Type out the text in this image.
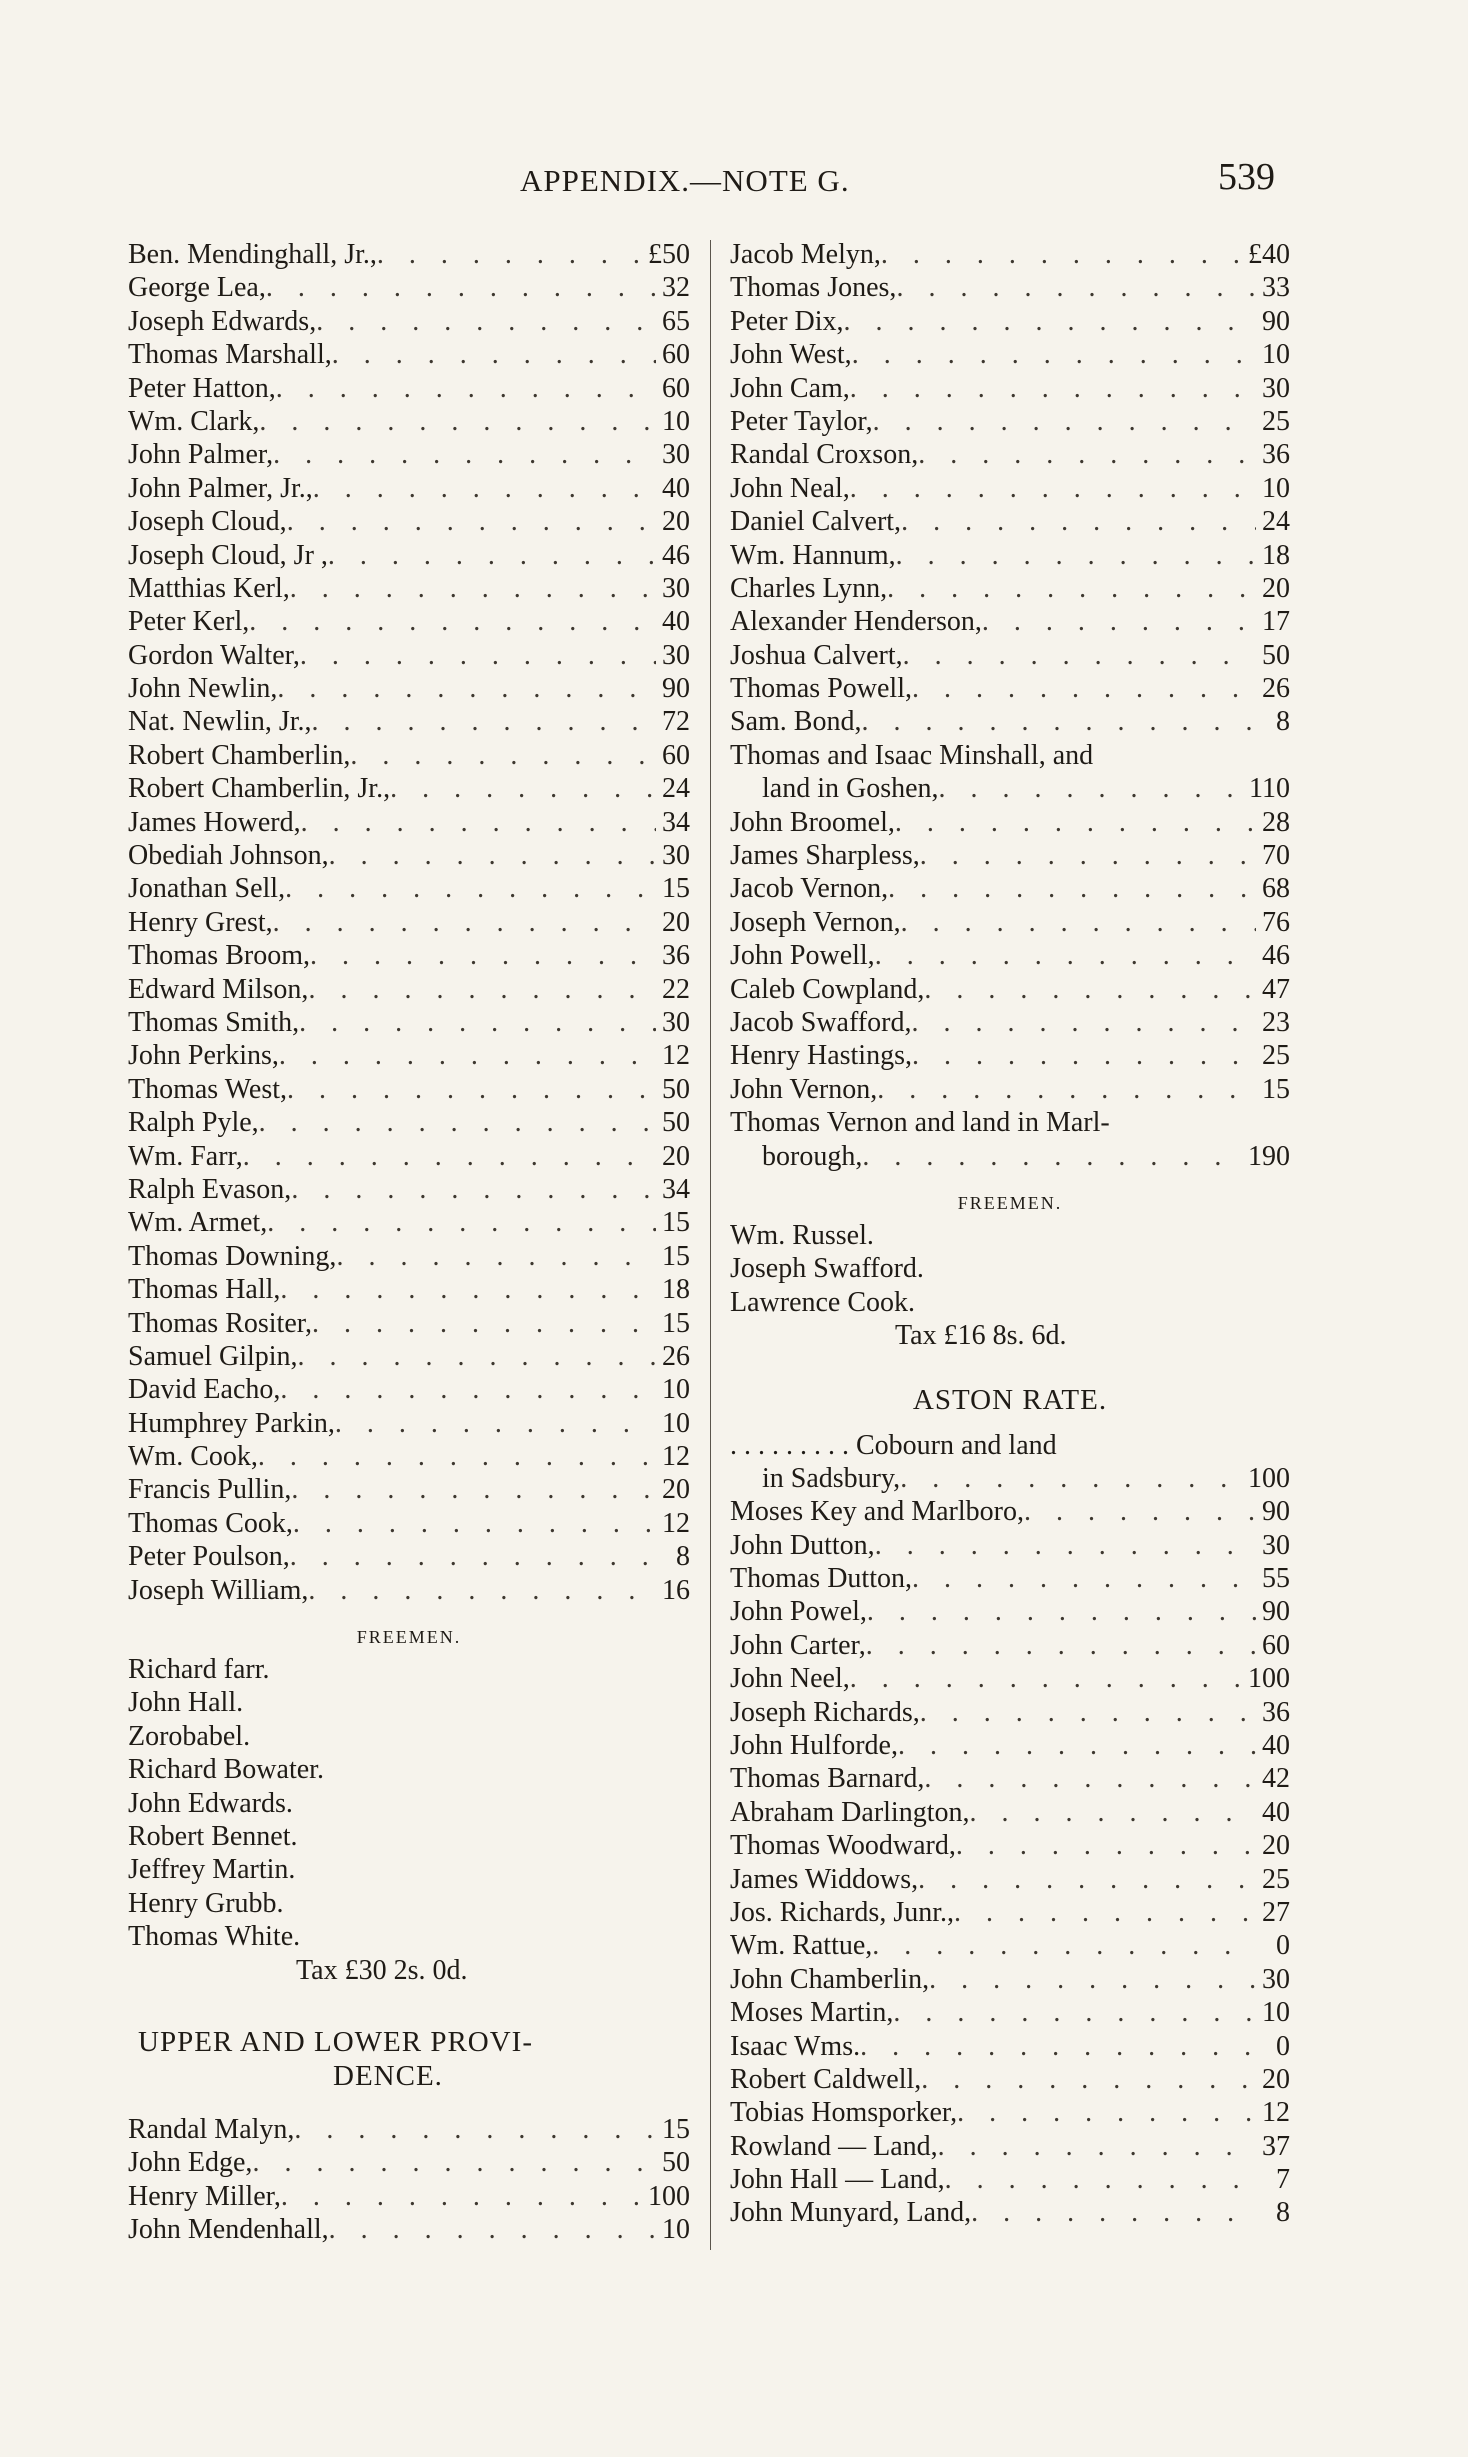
APPENDIX.—NOTE G.	539
Ben. Mendinghall, Jr., . . .	£50
George Lea, . . .	32
Joseph Edwards, . . .	65
Thomas Marshall, . . .	60
Peter Hatton, . . .	60
Wm. Clark, . . .	10
John Palmer, . . .	30
John Palmer, Jr., . . .	40
Joseph Cloud, . . .	20
Joseph Cloud, Jr , . . .	46
Matthias Kerl, . . .	30
Peter Kerl, . . .	40
Gordon Walter, . . .	30
John Newlin, . . .	90
Nat. Newlin, Jr., . . .	72
Robert Chamberlin, . . .	60
Robert Chamberlin, Jr., . . .	24
James Howerd, . . .	34
Obediah Johnson, . . .	30
Jonathan Sell, . . .	15
Henry Grest, . . .	20
Thomas Broom, . . .	36
Edward Milson, . . .	22
Thomas Smith, . . .	30
John Perkins, . . .	12
Thomas West, . . .	50
Ralph Pyle, . . .	50
Wm. Farr, . . .	20
Ralph Evason, . . .	34
Wm. Armet, . . .	15
Thomas Downing, . . .	15
Thomas Hall, . . .	18
Thomas Rositer, . . .	15
Samuel Gilpin, . . .	26
David Eacho, . . .	10
Humphrey Parkin, . . .	10
Wm. Cook, . . .	12
Francis Pullin, . . .	20
Thomas Cook, . . .	12
Peter Poulson, . . .	8
Joseph William, . . .	16
FREEMEN.
Richard farr.
John Hall.
Zorobabel.
Richard Bowater.
John Edwards.
Robert Bennet.
Jeffrey Martin.
Henry Grubb.
Thomas White.
Tax £30 2s. 0d.
UPPER AND LOWER PROVI-
DENCE.
Randal Malyn, . . .	15
John Edge, . . .	50
Henry Miller, . . .	100
John Mendenhall, . . .	10
Jacob Melyn, . . .	£40
Thomas Jones, . . .	33
Peter Dix, . . .	90
John West, . . .	10
John Cam, . . .	30
Peter Taylor, . . .	25
Randal Croxson, . . .	36
John Neal, . . .	10
Daniel Calvert, . . .	24
Wm. Hannum, . . .	18
Charles Lynn, . . .	20
Alexander Henderson, . . .	17
Joshua Calvert, . . .	50
Thomas Powell, . . .	26
Sam. Bond, . . .	8
Thomas and Isaac Minshall, and
land in Goshen, . . .	110
John Broomel, . . .	28
James Sharpless, . . .	70
Jacob Vernon, . . .	68
Joseph Vernon, . . .	76
John Powell, . . .	46
Caleb Cowpland, . . .	47
Jacob Swafford, . . .	23
Henry Hastings, . . .	25
John Vernon, . . .	15
Thomas Vernon and land in Marl-
borough, . . .	190
FREEMEN.
Wm. Russel.
Joseph Swafford.
Lawrence Cook.
Tax £16 8s. 6d.
ASTON RATE.
. . . . . . . . . Cobourn and land
in Sadsbury, . . .	100
Moses Key and Marlboro, . . .	90
John Dutton, . . .	30
Thomas Dutton, . . .	55
John Powel, . . .	90
John Carter, . . .	60
John Neel, . . .	100
Joseph Richards, . . .	36
John Hulforde, . . .	40
Thomas Barnard, . . .	42
Abraham Darlington, . . .	40
Thomas Woodward, . . .	20
James Widdows, . . .	25
Jos. Richards, Junr., . . .	27
Wm. Rattue, . . .	0
John Chamberlin, . . .	30
Moses Martin, . . .	10
Isaac Wms. . . .	0
Robert Caldwell, . . .	20
Tobias Homsporker, . . .	12
Rowland — Land, . . .	37
John Hall — Land, . . .	7
John Munyard, Land, . . .	8
